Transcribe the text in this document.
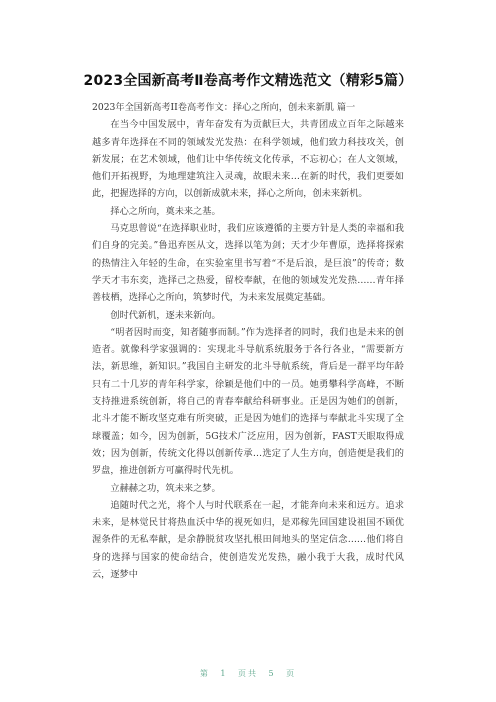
2023全国新高考Ⅱ卷高考作文精选范文（精彩5篇）

2023年全国新高考II卷高考作文：择心之所向，创未来新肌 篇一

在当今中国发展中，青年奋发有为贡献巨大，共青团成立百年之际越来越多青年选择在不同的领域发光发热：在科学领域，他们致力科技攻关，创新发展；在艺术领域，他们让中华传统文化传承，不忘初心；在人文领域，他们开拓视野，为地理建筑注入灵魂，故眼未来…在新的时代，我们更要如此，把握选择的方向，以创新成就未来，择心之所向，创未来新机。

择心之所向，奠未来之基。

马克思曾说“在选择职业时，我们应该遵循的主要方针是人类的幸福和我们自身的完美。”鲁迅弃医从文，选择以笔为剑；天才少年曹原，选择将探索的热情注入年轻的生命，在实验室里书写着“不是后浪，是巨浪”的传奇；数学天才韦东奕，选择己之热爱，留校奉献，在他的领域发光发热……青年择善枝栖，选择心之所向，筑梦时代，为未来发展奠定基础。

创时代新机，逐未来新向。

“明者因时而变，知者随事而制。”作为选择者的同时，我们也是未来的创造者。就像科学家强调的：实现北斗导航系统服务于各行各业，“需要新方法，新思维，新知识。”我国自主研发的北斗导航系统，背后是一群平均年龄只有二十几岁的青年科学家，徐颖是他们中的一员。她勇攀科学高峰，不断支持推进系统创新，将自己的青春奉献给科研事业。正是因为她们的创新，北斗才能不断攻坚克难有所突破，正是因为她们的选择与奉献北斗实现了全球覆盖；如今，因为创新，5G技术广泛应用，因为创新，FAST天眼取得成效；因为创新，传统文化得以创新传承…选定了人生方向，创造便是我们的罗盘，推进创新方可赢得时代先机。

立赫赫之功，筑未来之梦。

追随时代之光，将个人与时代联系在一起，才能奔向未来和远方。追求未来，是林觉民甘将热血沃中华的视死如归，是邓稼先回国建设祖国不顾优渥条件的无私奉献，是余静脱贫攻坚扎根田间地头的坚定信念……他们将自身的选择与国家的使命结合，使创造发光发热，融小我于大我，成时代风云，逐梦中

第 1 页共 5 页
